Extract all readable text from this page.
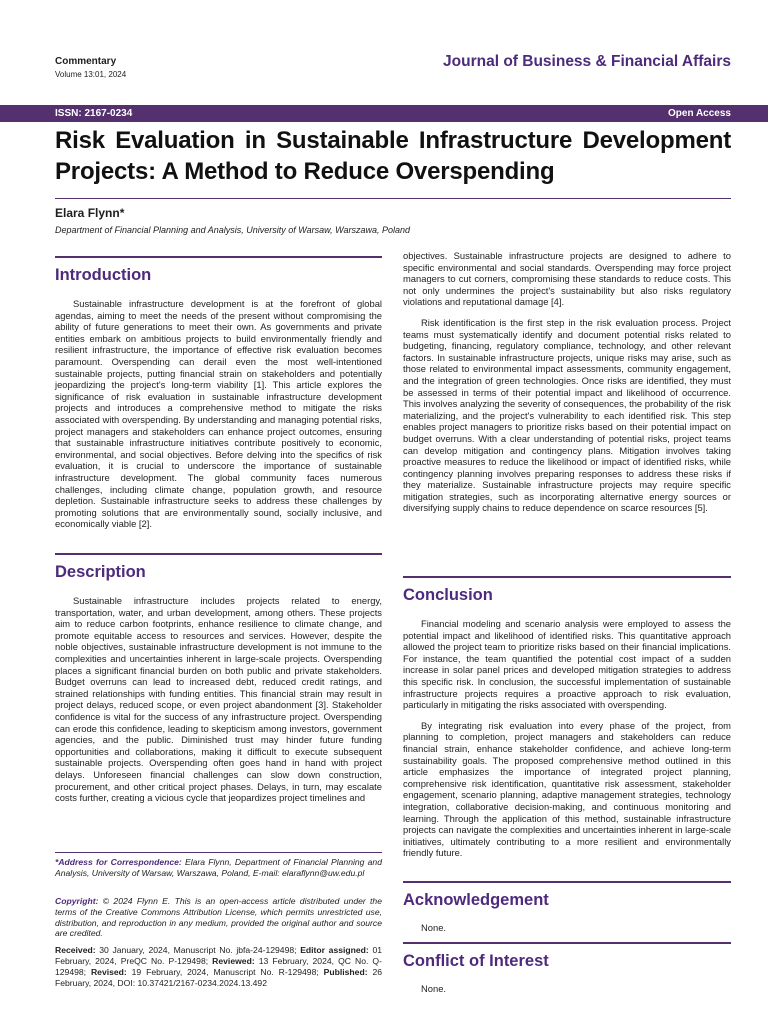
Commentary
Volume 13:01, 2024
Journal of Business & Financial Affairs
ISSN: 2167-0234	Open Access
Risk Evaluation in Sustainable Infrastructure Development Projects: A Method to Reduce Overspending
Elara Flynn*
Department of Financial Planning and Analysis, University of Warsaw, Warszawa, Poland
Introduction

Sustainable infrastructure development is at the forefront of global agendas, aiming to meet the needs of the present without compromising the ability of future generations to meet their own. As governments and private entities embark on ambitious projects to build environmentally friendly and resilient infrastructure, the importance of effective risk evaluation becomes paramount. Overspending can derail even the most well-intentioned sustainable projects, putting financial strain on stakeholders and potentially jeopardizing the project's long-term viability [1]. This article explores the significance of risk evaluation in sustainable infrastructure development projects and introduces a comprehensive method to mitigate the risks associated with overspending. By understanding and managing potential risks, project managers and stakeholders can enhance project outcomes, ensuring that sustainable infrastructure initiatives contribute positively to economic, environmental, and social objectives. Before delving into the specifics of risk evaluation, it is crucial to underscore the importance of sustainable infrastructure development. The global community faces numerous challenges, including climate change, population growth, and resource depletion. Sustainable infrastructure seeks to address these challenges by promoting solutions that are environmentally sound, socially inclusive, and economically viable [2].

Description

Sustainable infrastructure includes projects related to energy, transportation, water, and urban development, among others. These projects aim to reduce carbon footprints, enhance resilience to climate change, and promote equitable access to resources and services. However, despite the noble objectives, sustainable infrastructure development is not immune to the complexities and uncertainties inherent in large-scale projects. Overspending places a significant financial burden on both public and private stakeholders. Budget overruns can lead to increased debt, reduced credit ratings, and strained relationships with funding entities. This financial strain may result in project delays, reduced scope, or even project abandonment [3]. Stakeholder confidence is vital for the success of any infrastructure project. Overspending can erode this confidence, leading to skepticism among investors, government agencies, and the public. Diminished trust may hinder future funding opportunities and collaborations, making it difficult to execute subsequent sustainable projects. Overspending often goes hand in hand with project delays. Unforeseen financial challenges can slow down construction, procurement, and other critical project phases. Delays, in turn, may escalate costs further, creating a vicious cycle that jeopardizes project timelines and

*Address for Correspondence: Elara Flynn, Department of Financial Planning and Analysis, University of Warsaw, Warszawa, Poland, E-mail: elaraflynn@uw.edu.pl
Copyright: © 2024 Flynn E. This is an open-access article distributed under the terms of the Creative Commons Attribution License, which permits unrestricted use, distribution, and reproduction in any medium, provided the original author and source are credited.
Received: 30 January, 2024, Manuscript No. jbfa-24-129498; Editor assigned: 01 February, 2024, PreQC No. P-129498; Reviewed: 13 February, 2024, QC No. Q-129498; Revised: 19 February, 2024, Manuscript No. R-129498; Published: 26 February, 2024, DOI: 10.37421/2167-0234.2024.13.492

objectives. Sustainable infrastructure projects are designed to adhere to specific environmental and social standards. Overspending may force project managers to cut corners, compromising these standards to reduce costs. This not only undermines the project's sustainability but also risks regulatory violations and reputational damage [4].

Risk identification is the first step in the risk evaluation process. Project teams must systematically identify and document potential risks related to budgeting, financing, regulatory compliance, technology, and other relevant factors. In sustainable infrastructure projects, unique risks may arise, such as those related to environmental impact assessments, community engagement, and the integration of green technologies. Once risks are identified, they must be assessed in terms of their potential impact and likelihood of occurrence. This involves analyzing the severity of consequences, the probability of the risk materializing, and the project's vulnerability to each identified risk. This step enables project managers to prioritize risks based on their potential impact on budget overruns. With a clear understanding of potential risks, project teams can develop mitigation and contingency plans. Mitigation involves taking proactive measures to reduce the likelihood or impact of identified risks, while contingency planning involves preparing responses to address these risks if they materialize. Sustainable infrastructure projects may require specific mitigation strategies, such as incorporating alternative energy sources or diversifying supply chains to reduce dependence on scarce resources [5].

Conclusion

Financial modeling and scenario analysis were employed to assess the potential impact and likelihood of identified risks. This quantitative approach allowed the project team to prioritize risks based on their financial implications. For instance, the team quantified the potential cost impact of a sudden increase in solar panel prices and developed mitigation strategies to address this specific risk. In conclusion, the successful implementation of sustainable infrastructure projects requires a proactive approach to risk evaluation, particularly in mitigating the risks associated with overspending.

By integrating risk evaluation into every phase of the project, from planning to completion, project managers and stakeholders can reduce financial strain, enhance stakeholder confidence, and achieve long-term sustainability goals. The proposed comprehensive method outlined in this article emphasizes the importance of integrated project planning, comprehensive risk identification, quantitative risk assessment, stakeholder engagement, scenario planning, adaptive management strategies, technology integration, collaborative decision-making, and continuous monitoring and learning. Through the application of this method, sustainable infrastructure projects can navigate the complexities and uncertainties inherent in large-scale initiatives, ultimately contributing to a more resilient and environmentally friendly future.

Acknowledgement

None.

Conflict of Interest

None.
